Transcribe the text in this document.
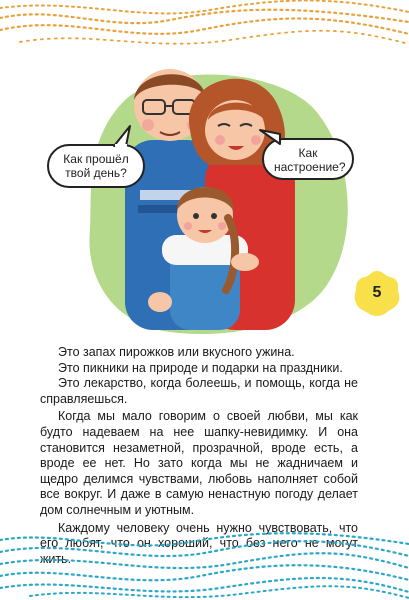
Как прошёл твой день?
Как настроение?
5

Это запах пирожков или вкусного ужина.

Это пикники на природе и подарки на праздники.

Это лекарство, когда болеешь, и помощь, когда не справляешься.

Когда мы мало говорим о своей любви, мы как будто надеваем на нее шапку-невидимку. И она становится незаметной, прозрачной, вроде есть, а вроде ее нет. Но зато когда мы не жадничаем и щедро делимся чувствами, любовь наполняет собой все вокруг. И даже в самую ненастную погоду делает дом солнечным и уютным.

Каждому человеку очень нужно чувствовать, что его любят, что он хороший, что без него не могут жить.
